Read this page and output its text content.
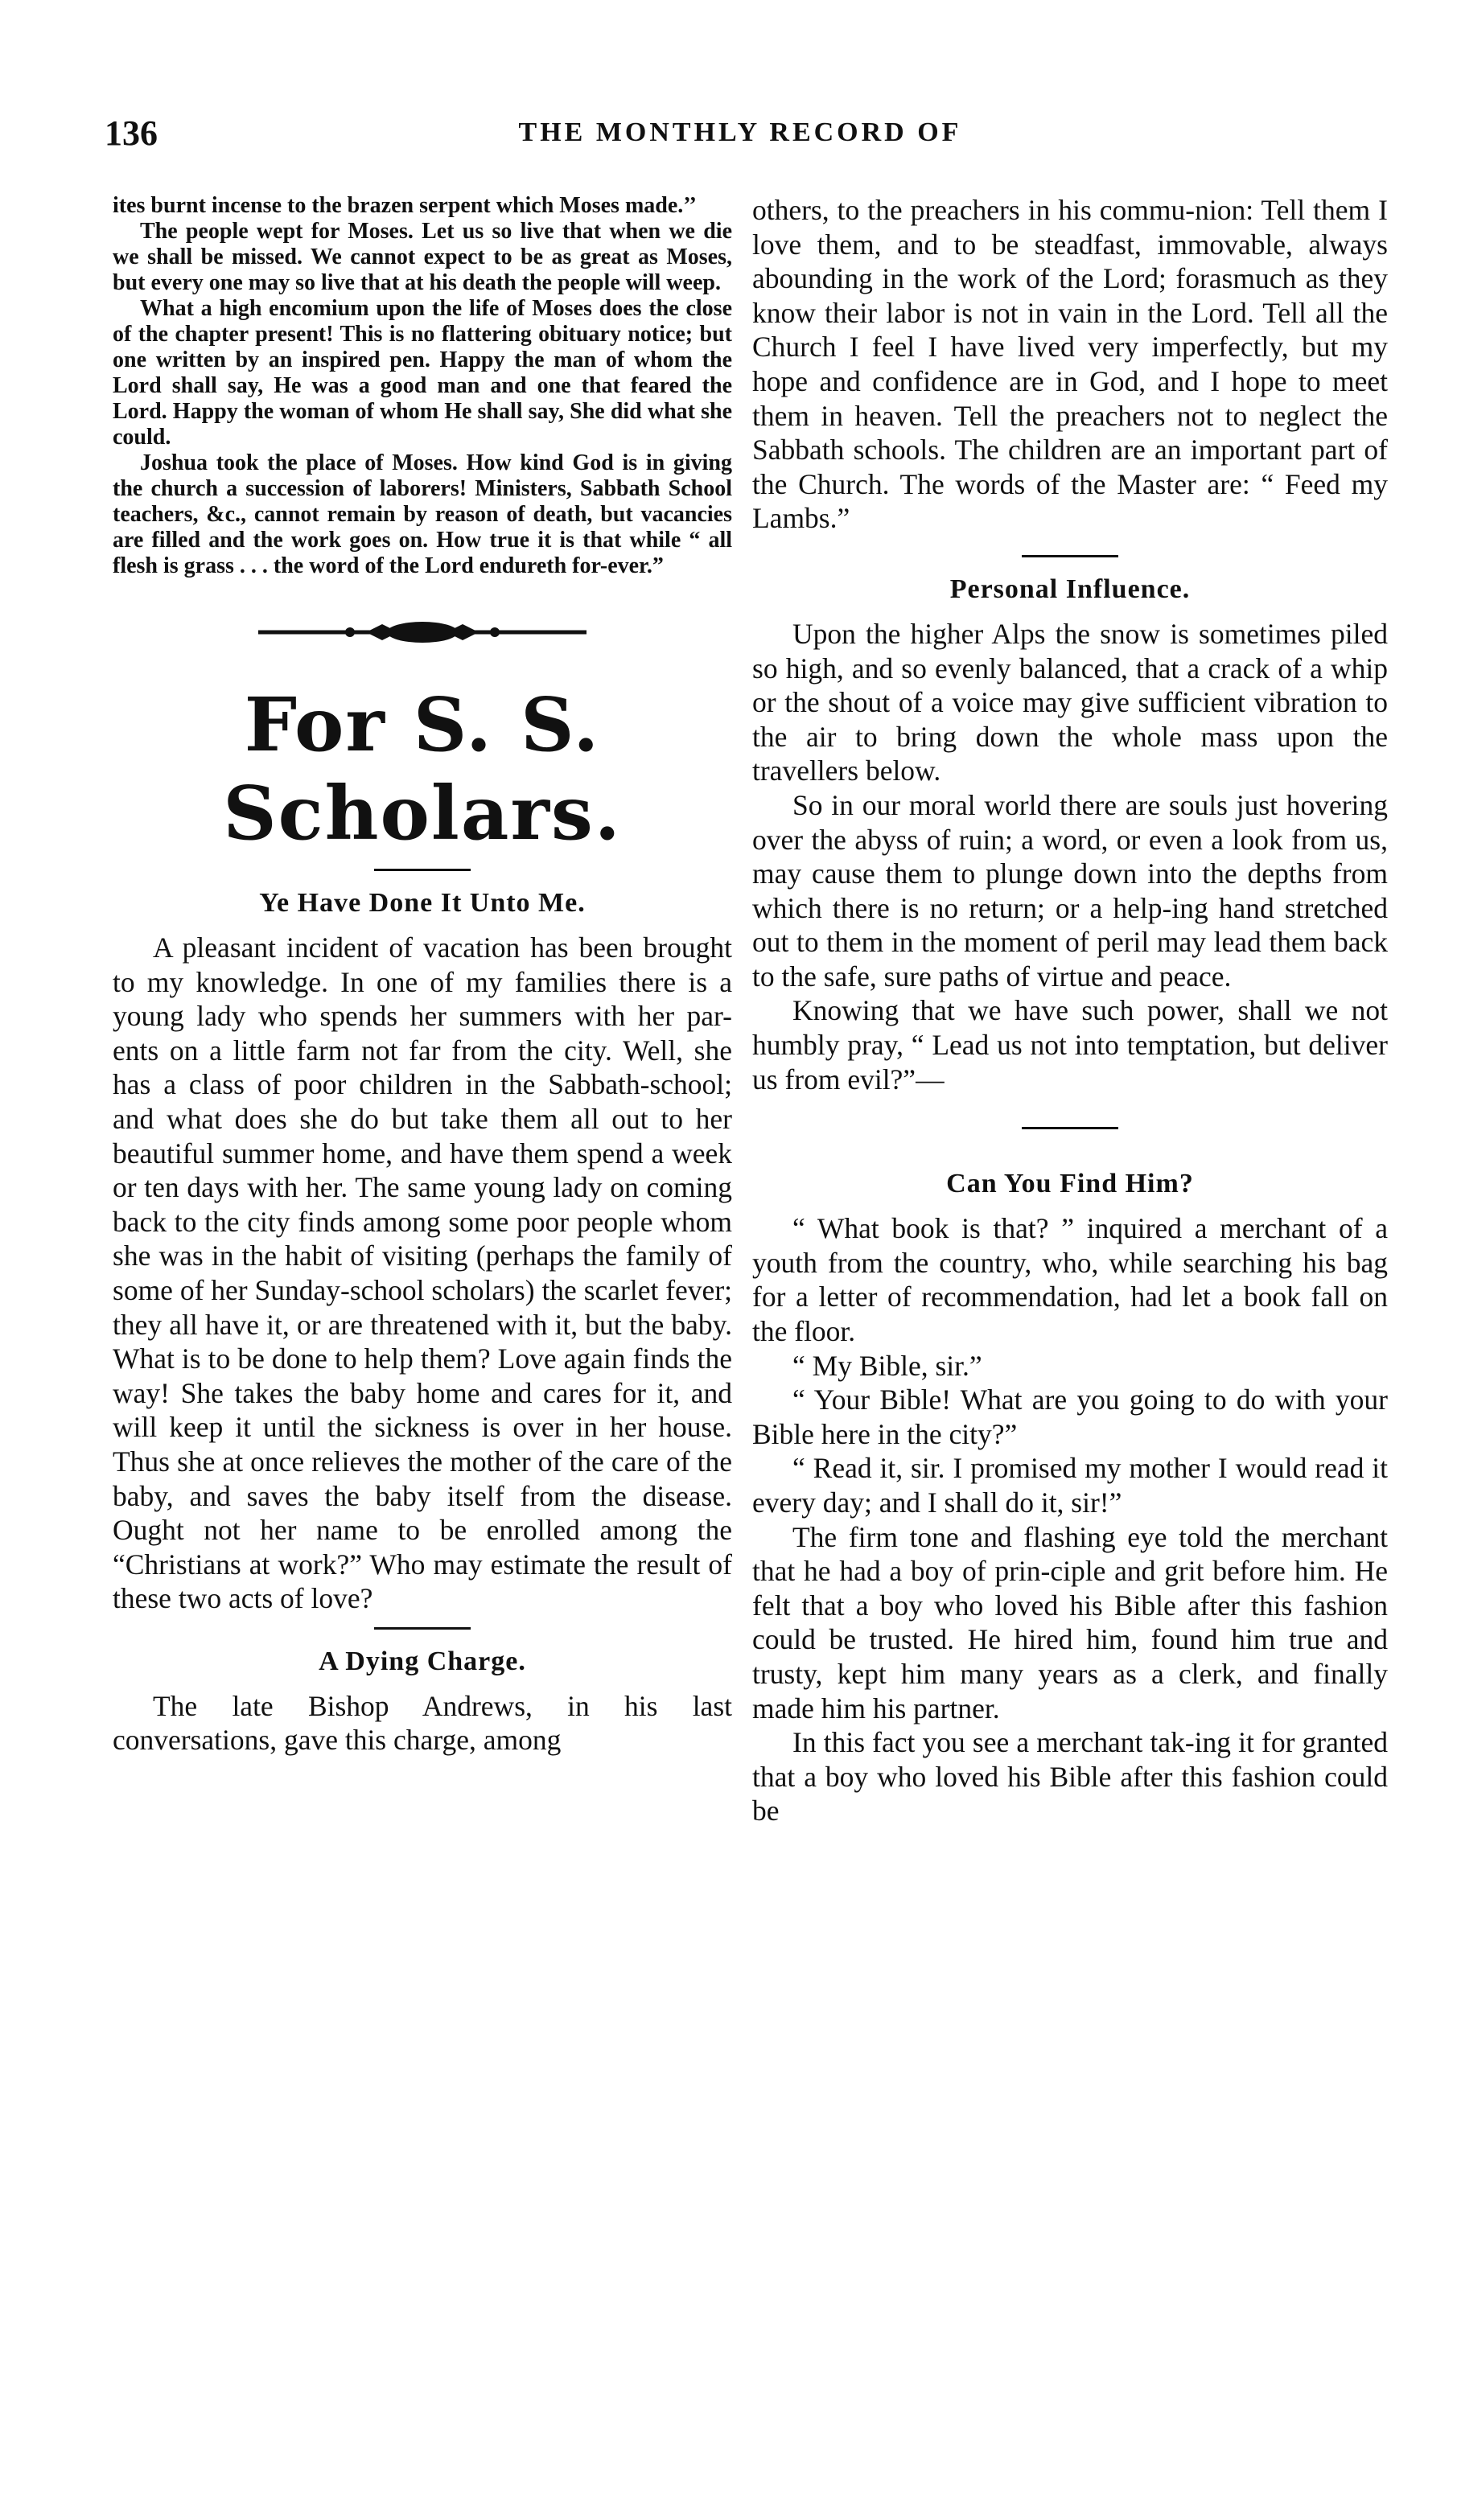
136	THE MONTHLY RECORD OF

ites burnt incense to the brazen serpent which Moses made.’’

The people wept for Moses. Let us so live that when we die we shall be missed. We cannot expect to be as great as Moses, but every one may so live that at his death the people will weep.

What a high encomium upon the life of Moses does the close of the chapter present! This is no flattering obituary notice; but one written by an inspired pen. Happy the man of whom the Lord shall say, He was a good man and one that feared the Lord. Happy the woman of whom He shall say, She did what she could.

Joshua took the place of Moses. How kind God is in giving the church a succession of laborers! Ministers, Sabbath School teachers, &c., cannot remain by reason of death, but vacancies are filled and the work goes on. How true it is that while “ all flesh is grass . . . the word of the Lord endureth for-ever.”

For S. S. Scholars.
Ye Have Done It Unto Me.

A pleasant incident of vacation has been brought to my knowledge. In one of my families there is a young lady who spends her summers with her par-ents on a little farm not far from the city. Well, she has a class of poor children in the Sabbath-school; and what does she do but take them all out to her beautiful summer home, and have them spend a week or ten days with her. The same young lady on coming back to the city finds among some poor people whom she was in the habit of visiting (perhaps the family of some of her Sunday-school scholars) the scarlet fever; they all have it, or are threatened with it, but the baby. What is to be done to help them? Love again finds the way! She takes the baby home and cares for it, and will keep it until the sickness is over in her house. Thus she at once relieves the mother of the care of the baby, and saves the baby itself from the disease. Ought not her name to be enrolled among the “Christians at work?” Who may estimate the result of these two acts of love?

A Dying Charge.

The late Bishop Andrews, in his last conversations, gave this charge, among

others, to the preachers in his commu-nion: Tell them I love them, and to be steadfast, immovable, always abounding in the work of the Lord; forasmuch as they know their labor is not in vain in the Lord. Tell all the Church I feel I have lived very imperfectly, but my hope and confidence are in God, and I hope to meet them in heaven. Tell the preachers not to neglect the Sabbath schools. The children are an important part of the Church. The words of the Master are: “ Feed my Lambs.”

Personal Influence.

Upon the higher Alps the snow is sometimes piled so high, and so evenly balanced, that a crack of a whip or the shout of a voice may give sufficient vibration to the air to bring down the whole mass upon the travellers below.

So in our moral world there are souls just hovering over the abyss of ruin; a word, or even a look from us, may cause them to plunge down into the depths from which there is no return; or a help-ing hand stretched out to them in the moment of peril may lead them back to the safe, sure paths of virtue and peace.

Knowing that we have such power, shall we not humbly pray, “ Lead us not into temptation, but deliver us from evil?”—

Can You Find Him?

“ What book is that? ” inquired a merchant of a youth from the country, who, while searching his bag for a letter of recommendation, had let a book fall on the floor.

“ My Bible, sir.”

“ Your Bible! What are you going to do with your Bible here in the city?”

“ Read it, sir. I promised my mother I would read it every day; and I shall do it, sir!”

The firm tone and flashing eye told the merchant that he had a boy of prin-ciple and grit before him. He felt that a boy who loved his Bible after this fashion could be trusted. He hired him, found him true and trusty, kept him many years as a clerk, and finally made him his partner.

In this fact you see a merchant tak-ing it for granted that a boy who loved his Bible after this fashion could be
